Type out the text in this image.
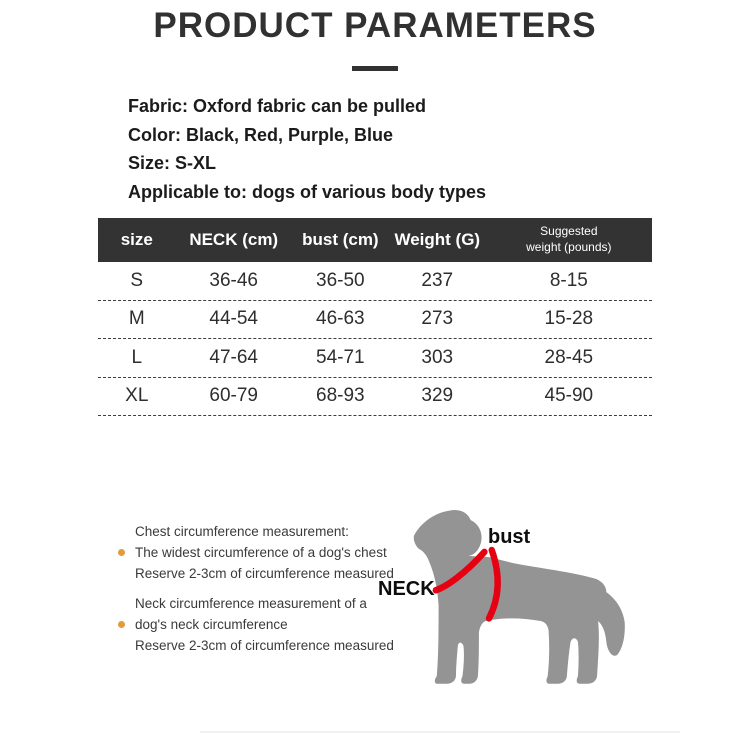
PRODUCT PARAMETERS
Fabric: Oxford fabric can be pulled
Color: Black, Red, Purple, Blue
Size: S-XL
Applicable to: dogs of various body types
size	NECK (cm)	bust (cm) Weight (G)	Suggested
weight (pounds)
S	36-46	36-50	237	8-15
M	44-54	46-63	273	15-28
L	47-64	54-71	303	28-45
XL	60-79	68-93	329	45-90
Chest circumference measurement:
The widest circumference of a dog's chest
Reserve 2-3cm of circumference measured
Neck circumference measurement of a
dog's neck circumference
Reserve 2-3cm of circumference measured
bust
NECK
